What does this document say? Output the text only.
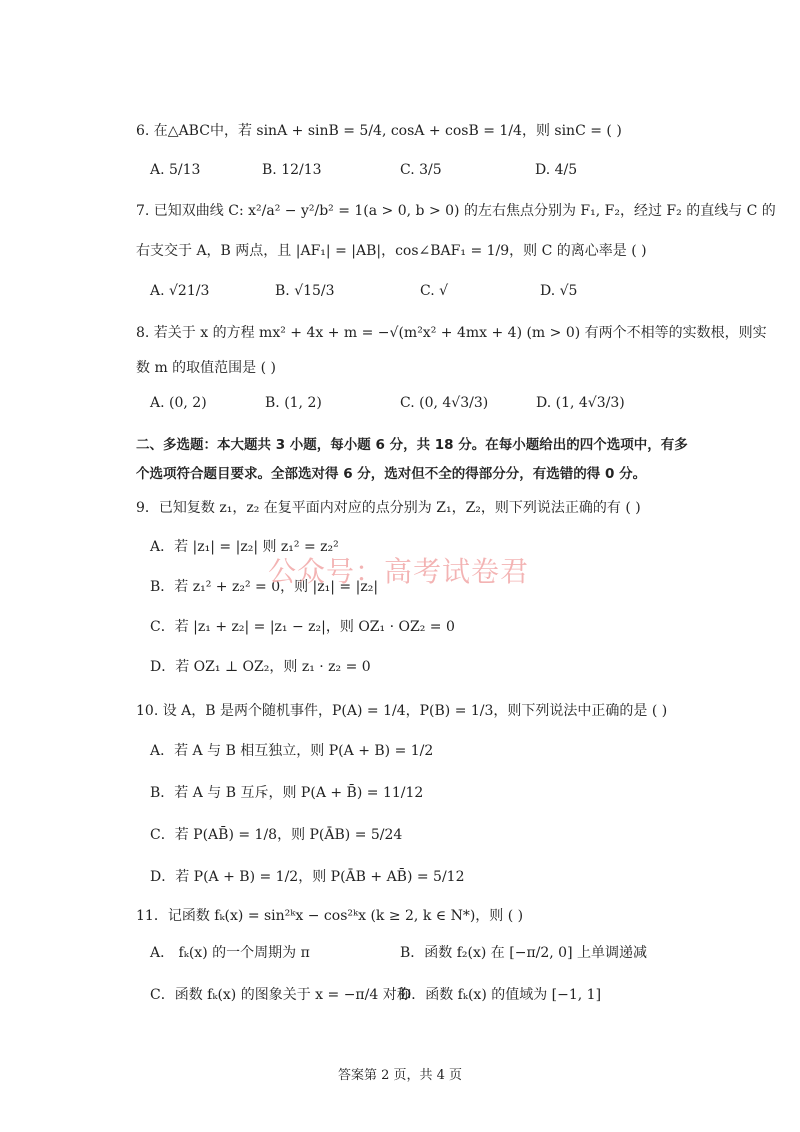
6. 在△ABC中，若 sinA + sinB = 5/4, cosA + cosB = 1/4，则 sinC = ( )
A. 5/13	B. 12/13	C. 3/5	D. 4/5
7. 已知双曲线 C: x²/a² − y²/b² = 1(a > 0, b > 0) 的左右焦点分别为 F₁, F₂，经过 F₂ 的直线与 C 的
右支交于 A，B 两点，且 |AF₁| = |AB|，cos∠BAF₁ = 1/9，则 C 的离心率是 ( )
A. √21/3	B. √15/3	C. √	D. √5
8. 若关于 x 的方程 mx² + 4x + m = −√(m²x² + 4mx + 4) (m > 0) 有两个不相等的实数根，则实
数 m 的取值范围是 ( )
A. (0, 2)	B. (1, 2)	C. (0, 4√3/3)	D. (1, 4√3/3)
二、多选题：本大题共 3 小题，每小题 6 分，共 18 分。在每小题给出的四个选项中，有多
个选项符合题目要求。全部选对得 6 分，选对但不全的得部分分，有选错的得 0 分。
9．已知复数 z₁，z₂ 在复平面内对应的点分别为 Z₁，Z₂，则下列说法正确的有 ( )
A．若 |z₁| = |z₂| 则 z₁² = z₂²
B．若 z₁² + z₂² = 0，则 |z₁| = |z₂|
C．若 |z₁ + z₂| = |z₁ − z₂|，则 OZ₁ · OZ₂ = 0
D．若 OZ₁ ⊥ OZ₂，则 z₁ · z₂ = 0
公众号：高考试卷君
10. 设 A，B 是两个随机事件，P(A) = 1/4，P(B) = 1/3，则下列说法中正确的是 ( )
A．若 A 与 B 相互独立，则 P(A + B) = 1/2
B．若 A 与 B 互斥，则 P(A + B̄) = 11/12
C．若 P(AB̄) = 1/8，则 P(ĀB) = 5/24
D．若 P(A + B) = 1/2，则 P(ĀB + AB̄) = 5/12
11．记函数 fₖ(x) = sin²ᵏx − cos²ᵏx (k ≥ 2, k ∈ N*)，则 ( )
A． fₖ(x) 的一个周期为 π	B．函数 f₂(x) 在 [−π/2, 0] 上单调递减
C．函数 fₖ(x) 的图象关于 x = −π/4 对称
D．函数 fₖ(x) 的值域为 [−1, 1]
答案第 2 页，共 4 页
